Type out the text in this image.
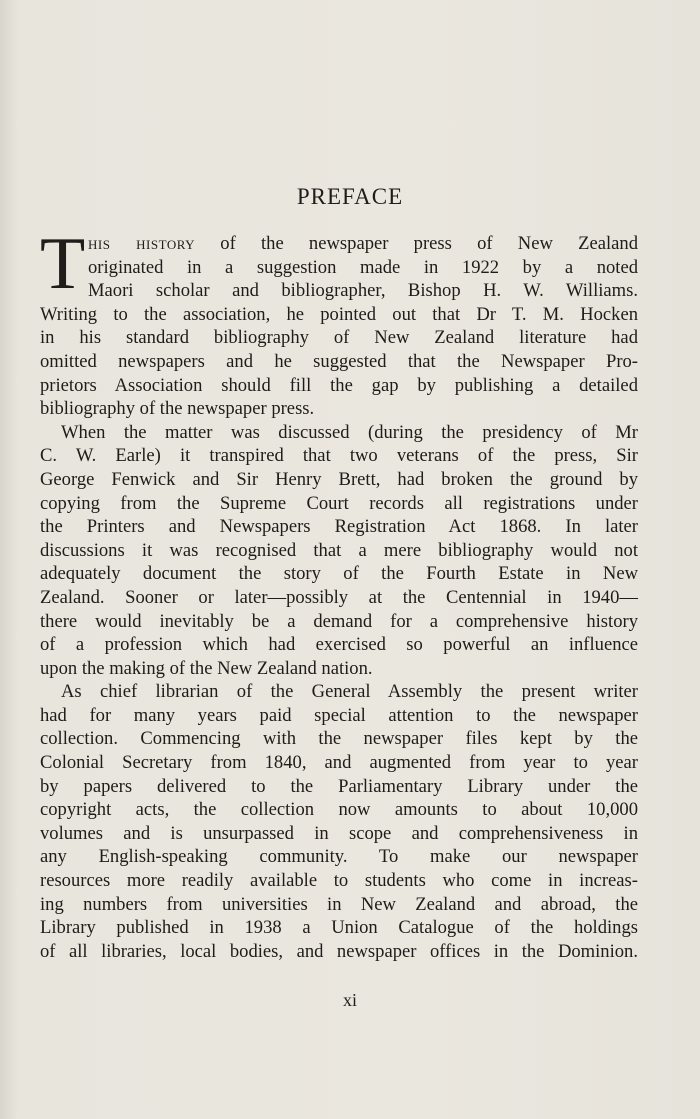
PREFACE
T his history of the newspaper press of New Zealand
originated in a suggestion made in 1922 by a noted
Maori scholar and bibliographer, Bishop H. W. Williams.
Writing to the association, he pointed out that Dr T. M. Hocken
in his standard bibliography of New Zealand literature had
omitted newspapers and he suggested that the Newspaper Pro-
prietors Association should fill the gap by publishing a detailed
bibliography of the newspaper press.
When the matter was discussed (during the presidency of Mr
C. W. Earle) it transpired that two veterans of the press, Sir
George Fenwick and Sir Henry Brett, had broken the ground by
copying from the Supreme Court records all registrations under
the Printers and Newspapers Registration Act 1868. In later
discussions it was recognised that a mere bibliography would not
adequately document the story of the Fourth Estate in New
Zealand. Sooner or later—possibly at the Centennial in 1940—
there would inevitably be a demand for a comprehensive history
of a profession which had exercised so powerful an influence
upon the making of the New Zealand nation.
As chief librarian of the General Assembly the present writer
had for many years paid special attention to the newspaper
collection. Commencing with the newspaper files kept by the
Colonial Secretary from 1840, and augmented from year to year
by papers delivered to the Parliamentary Library under the
copyright acts, the collection now amounts to about 10,000
volumes and is unsurpassed in scope and comprehensiveness in
any English-speaking community. To make our newspaper
resources more readily available to students who come in increas-
ing numbers from universities in New Zealand and abroad, the
Library published in 1938 a Union Catalogue of the holdings
of all libraries, local bodies, and newspaper offices in the Dominion.
xi
